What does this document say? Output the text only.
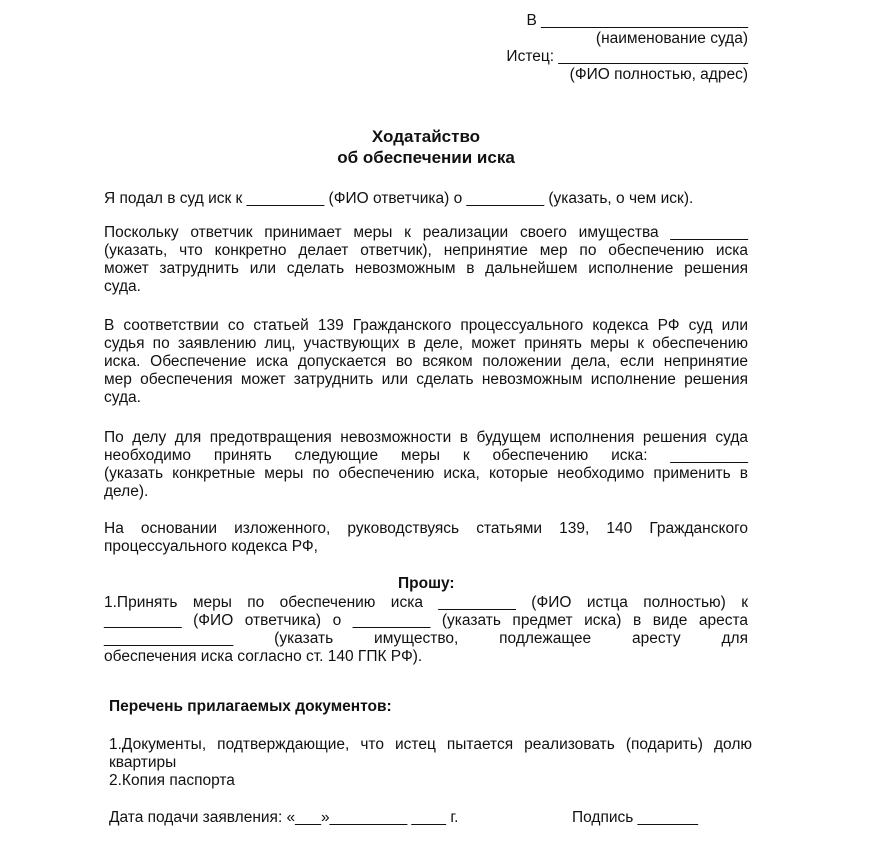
В ________________________
(наименование суда)
Истец: ______________________
(ФИО полностью, адрес)
Ходатайство
об обеспечении иска
Я подал в суд иск к _________ (ФИО ответчика) о _________ (указать, о чем иск).
Поскольку ответчик принимает меры к реализации своего имущества _________
(указать, что конкретно делает ответчик), непринятие мер по обеспечению иска
может затруднить или сделать невозможным в дальнейшем исполнение решения
суда.
В соответствии со статьей 139 Гражданского процессуального кодекса РФ суд или
судья по заявлению лиц, участвующих в деле, может принять меры к обеспечению
иска. Обеспечение иска допускается во всяком положении дела, если непринятие
мер обеспечения может затруднить или сделать невозможным исполнение решения
суда.
По делу для предотвращения невозможности в будущем исполнения решения суда
необходимо принять следующие меры к обеспечению иска: _________
(указать конкретные меры по обеспечению иска, которые необходимо применить в
деле).
На основании изложенного, руководствуясь статьями 139, 140 Гражданского
процессуального кодекса РФ,
Прошу:
1.Принять меры по обеспечению иска _________ (ФИО истца полностью) к
_________ (ФИО ответчика) о _________ (указать предмет иска) в виде ареста
_______________ (указать имущество, подлежащее аресту для
обеспечения иска согласно ст. 140 ГПК РФ).
Перечень прилагаемых документов:
1.Документы, подтверждающие, что истец пытается реализовать (подарить) долю
квартиры
2.Копия паспорта
Дата подачи заявления: «___»_________ ____ г.	Подпись _______
